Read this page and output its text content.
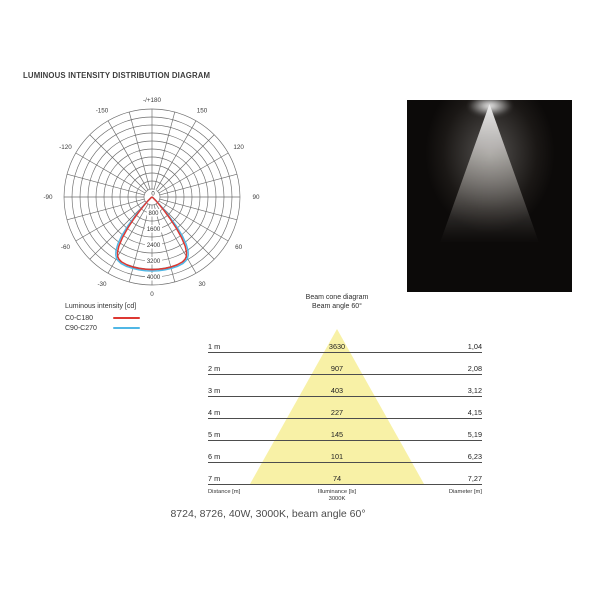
LUMINOUS INTENSITY DISTRIBUTION DIAGRAM
-/+180
-150	150
-120	120
-90	90
-60	60
-30	30
0
800
1600
2400
3200
4000
0
Luminous intensity [cd]
C0-C180
C90-C270
Beam cone diagram
Beam angle 60°
1 m	3630	1,04
2 m	907	2,08
3 m	403	3,12
4 m	227	4,15
5 m	145	5,19
6 m	101	6,23
7 m	74	7,27
Distance [m]	Illuminance [lx]
3000K
Diameter [m]
8724, 8726, 40W, 3000K, beam angle 60°
